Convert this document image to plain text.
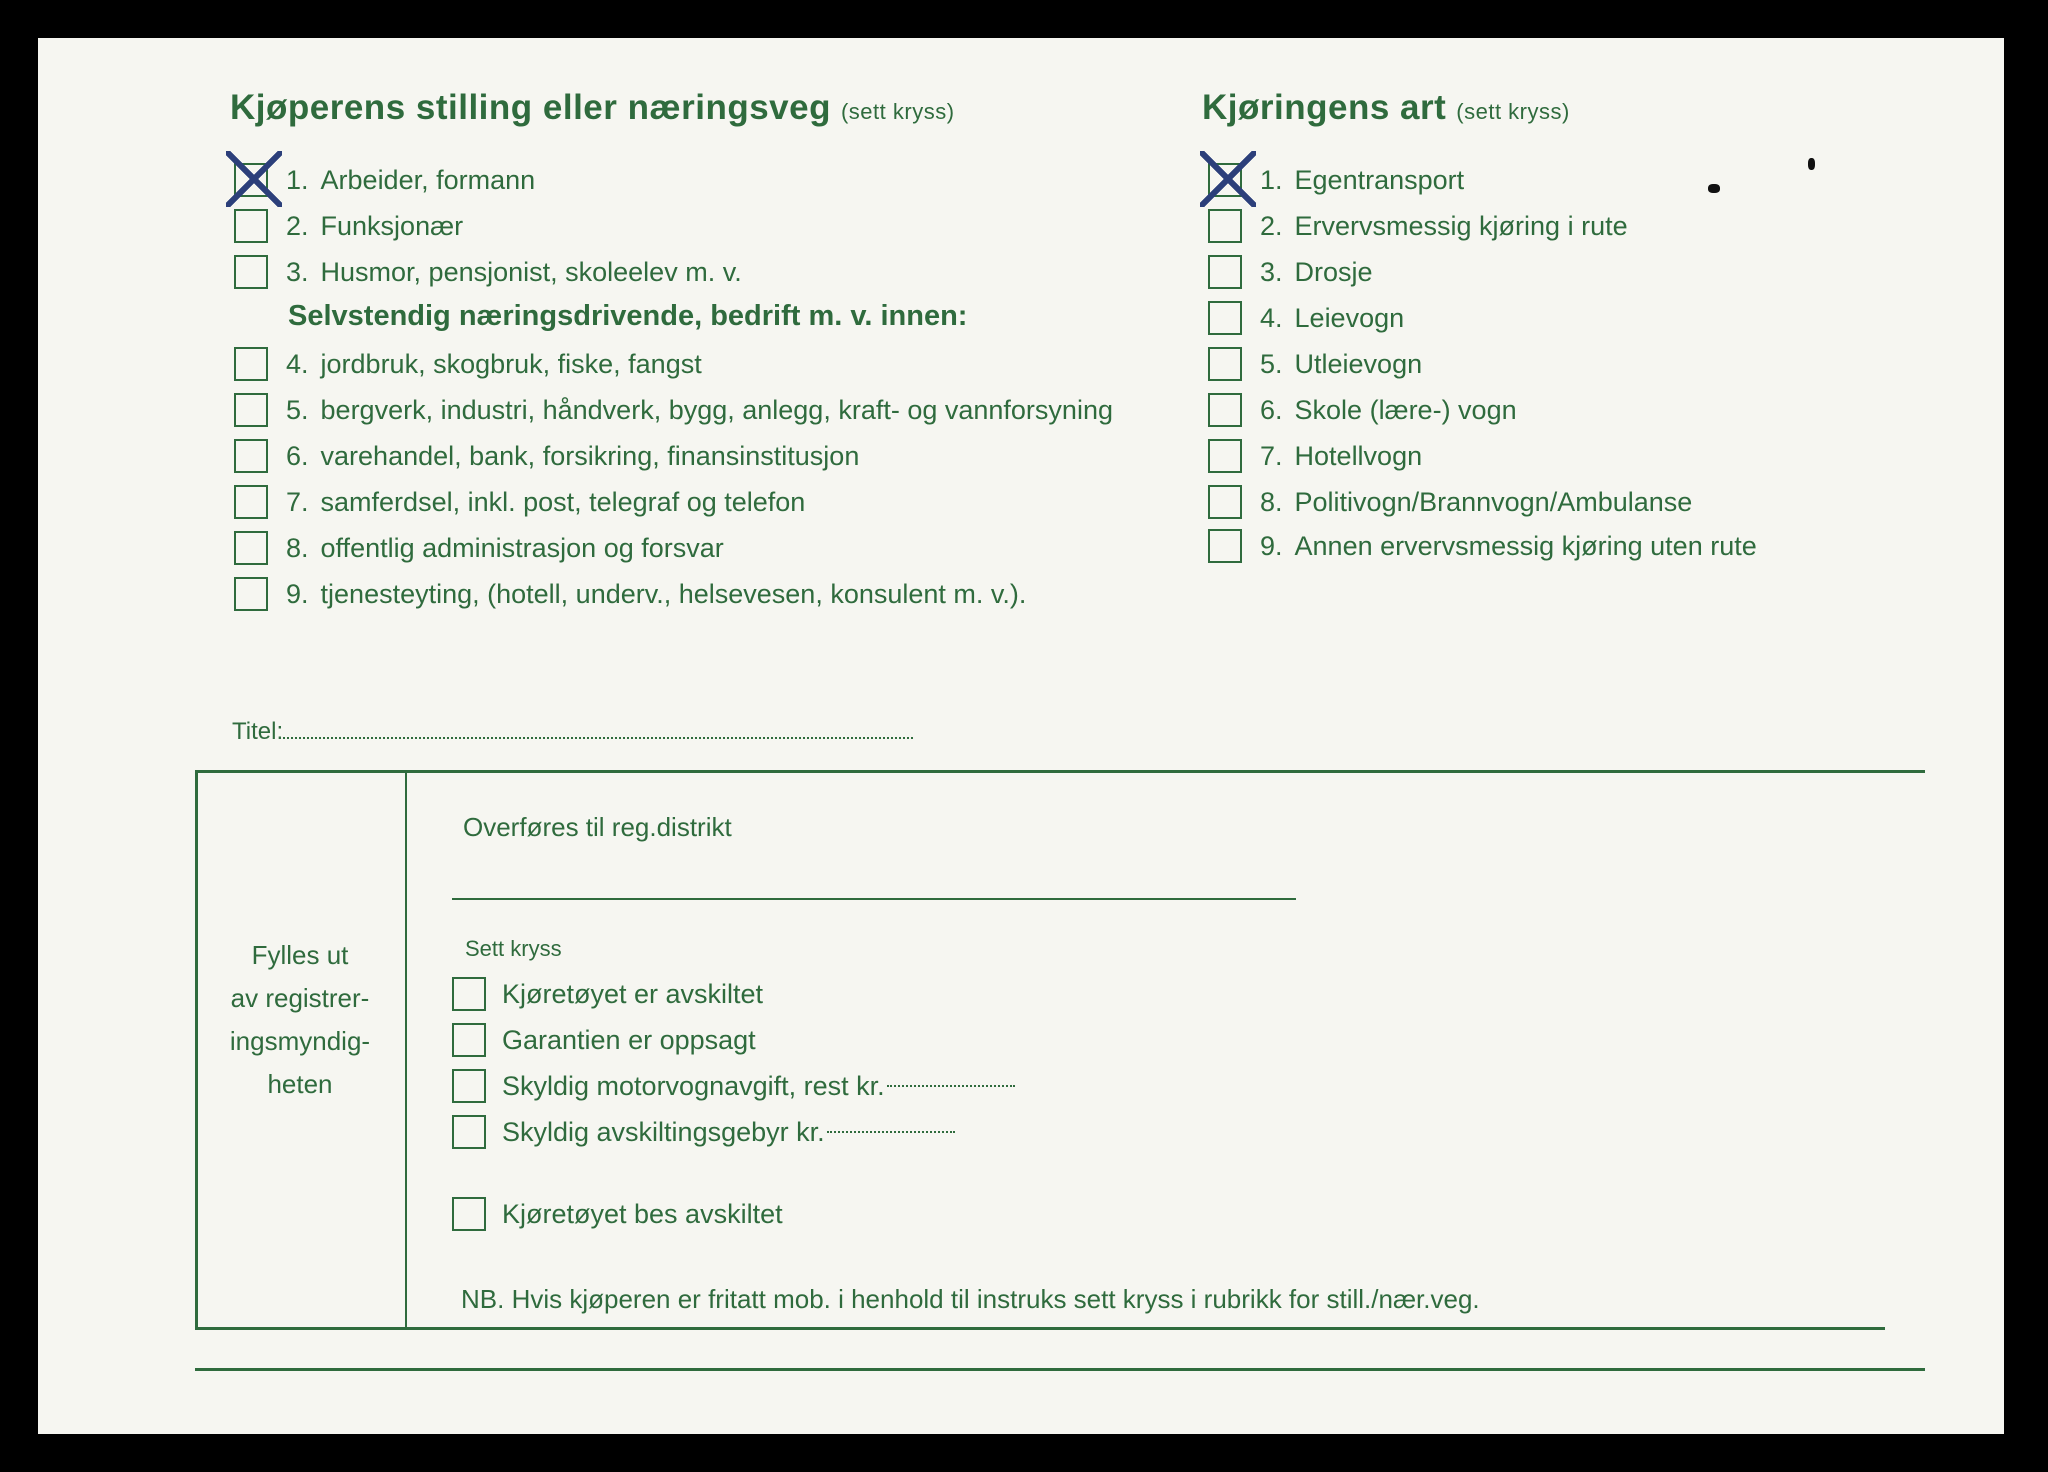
Kjøperens stilling eller næringsveg (sett kryss)	Kjøringens art (sett kryss)
1. Arbeider, formann
2. Funksjonær
3. Husmor, pensjonist, skoleelev m. v.
Selvstendig næringsdrivende, bedrift m. v. innen:
4. jordbruk, skogbruk, fiske, fangst
5. bergverk, industri, håndverk, bygg, anlegg, kraft- og vannforsyning
6. varehandel, bank, forsikring, finansinstitusjon
7. samferdsel, inkl. post, telegraf og telefon
8. offentlig administrasjon og forsvar
9. tjenesteyting, (hotell, underv., helsevesen, konsulent m. v.).
1. Egentransport
2. Ervervsmessig kjøring i rute
3. Drosje
4. Leievogn
5. Utleievogn
6. Skole (lære-) vogn
7. Hotellvogn
8. Politivogn/Brannvogn/Ambulanse
9. Annen ervervsmessig kjøring uten rute
Titel:
Fylles ut
av registrer-
ingsmyndig-
heten
Overføres til reg.distrikt
Sett kryss
Kjøretøyet er avskiltet
Garantien er oppsagt
Skyldig motorvognavgift, rest kr.
Skyldig avskiltingsgebyr kr.
Kjøretøyet bes avskiltet
NB. Hvis kjøperen er fritatt mob. i henhold til instruks sett kryss i rubrikk for still./nær.veg.
